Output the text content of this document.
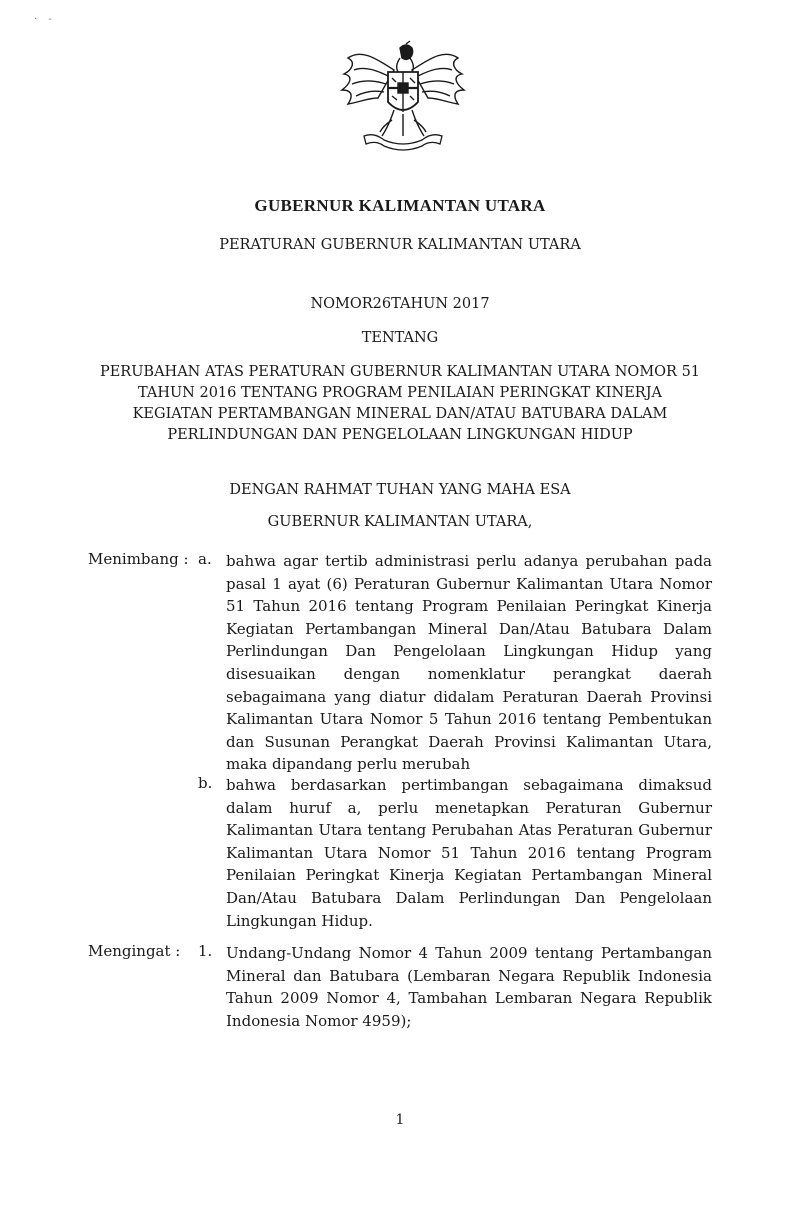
· -
GUBERNUR KALIMANTAN UTARA
PERATURAN GUBERNUR KALIMANTAN UTARA
NOMOR26TAHUN 2017
TENTANG
PERUBAHAN ATAS PERATURAN GUBERNUR KALIMANTAN UTARA NOMOR 51
TAHUN 2016 TENTANG PROGRAM PENILAIAN PERINGKAT KINERJA
KEGIATAN PERTAMBANGAN MINERAL DAN/ATAU BATUBARA DALAM
PERLINDUNGAN DAN PENGELOLAAN LINGKUNGAN HIDUP
DENGAN RAHMAT TUHAN YANG MAHA ESA
GUBERNUR KALIMANTAN UTARA,
Menimbang : a. bahwa agar tertib administrasi perlu adanya perubahan pada pasal 1 ayat (6) Peraturan Gubernur Kalimantan Utara Nomor 51 Tahun 2016 tentang Program Penilaian Peringkat Kinerja Kegiatan Pertambangan Mineral Dan/Atau Batubara Dalam Perlindungan Dan Pengelolaan Lingkungan Hidup yang disesuaikan dengan nomenklatur perangkat daerah sebagaimana yang diatur didalam Peraturan Daerah Provinsi Kalimantan Utara Nomor 5 Tahun 2016 tentang Pembentukan dan Susunan Perangkat Daerah Provinsi Kalimantan Utara, maka dipandang perlu merubah
b. bahwa berdasarkan pertimbangan sebagaimana dimaksud dalam huruf a, perlu menetapkan Peraturan Gubernur Kalimantan Utara tentang Perubahan Atas Peraturan Gubernur Kalimantan Utara Nomor 51 Tahun 2016 tentang Program Penilaian Peringkat Kinerja Kegiatan Pertambangan Mineral Dan/Atau Batubara Dalam Perlindungan Dan Pengelolaan Lingkungan Hidup.
Mengingat : 1. Undang-Undang Nomor 4 Tahun 2009 tentang Pertambangan Mineral dan Batubara (Lembaran Negara Republik Indonesia Tahun 2009 Nomor 4, Tambahan Lembaran Negara Republik Indonesia Nomor 4959);
1
